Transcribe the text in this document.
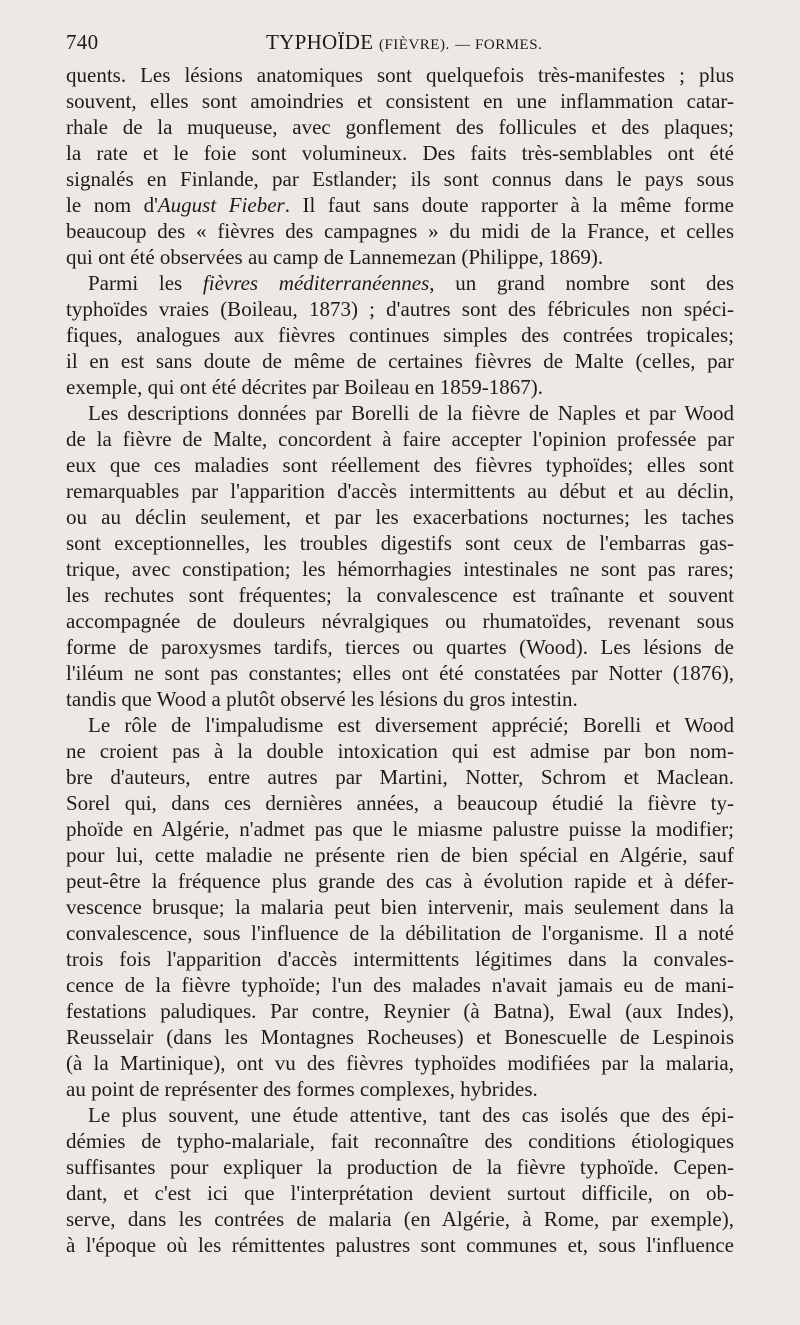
740	TYPHOÏDE (FIÈVRE). — FORMES.
quents. Les lésions anatomiques sont quelquefois très-manifestes ; plus
souvent, elles sont amoindries et consistent en une inflammation catar-
rhale de la muqueuse, avec gonflement des follicules et des plaques;
la rate et le foie sont volumineux. Des faits très-semblables ont été
signalés en Finlande, par Estlander; ils sont connus dans le pays sous
le nom d'August Fieber. Il faut sans doute rapporter à la même forme
beaucoup des « fièvres des campagnes » du midi de la France, et celles
qui ont été observées au camp de Lannemezan (Philippe, 1869).
Parmi les fièvres méditerranéennes, un grand nombre sont des
typhoïdes vraies (Boileau, 1873) ; d'autres sont des fébricules non spéci-
fiques, analogues aux fièvres continues simples des contrées tropicales;
il en est sans doute de même de certaines fièvres de Malte (celles, par
exemple, qui ont été décrites par Boileau en 1859-1867).
Les descriptions données par Borelli de la fièvre de Naples et par Wood
de la fièvre de Malte, concordent à faire accepter l'opinion professée par
eux que ces maladies sont réellement des fièvres typhoïdes; elles sont
remarquables par l'apparition d'accès intermittents au début et au déclin,
ou au déclin seulement, et par les exacerbations nocturnes; les taches
sont exceptionnelles, les troubles digestifs sont ceux de l'embarras gas-
trique, avec constipation; les hémorrhagies intestinales ne sont pas rares;
les rechutes sont fréquentes; la convalescence est traînante et souvent
accompagnée de douleurs névralgiques ou rhumatoïdes, revenant sous
forme de paroxysmes tardifs, tierces ou quartes (Wood). Les lésions de
l'iléum ne sont pas constantes; elles ont été constatées par Notter (1876),
tandis que Wood a plutôt observé les lésions du gros intestin.
Le rôle de l'impaludisme est diversement apprécié; Borelli et Wood
ne croient pas à la double intoxication qui est admise par bon nom-
bre d'auteurs, entre autres par Martini, Notter, Schrom et Maclean.
Sorel qui, dans ces dernières années, a beaucoup étudié la fièvre ty-
phoïde en Algérie, n'admet pas que le miasme palustre puisse la modifier;
pour lui, cette maladie ne présente rien de bien spécial en Algérie, sauf
peut-être la fréquence plus grande des cas à évolution rapide et à défer-
vescence brusque; la malaria peut bien intervenir, mais seulement dans la
convalescence, sous l'influence de la débilitation de l'organisme. Il a noté
trois fois l'apparition d'accès intermittents légitimes dans la convales-
cence de la fièvre typhoïde; l'un des malades n'avait jamais eu de mani-
festations paludiques. Par contre, Reynier (à Batna), Ewal (aux Indes),
Reusselair (dans les Montagnes Rocheuses) et Bonescuelle de Lespinois
(à la Martinique), ont vu des fièvres typhoïdes modifiées par la malaria,
au point de représenter des formes complexes, hybrides.
Le plus souvent, une étude attentive, tant des cas isolés que des épi-
démies de typho-malariale, fait reconnaître des conditions étiologiques
suffisantes pour expliquer la production de la fièvre typhoïde. Cepen-
dant, et c'est ici que l'interprétation devient surtout difficile, on ob-
serve, dans les contrées de malaria (en Algérie, à Rome, par exemple),
à l'époque où les rémittentes palustres sont communes et, sous l'influence
